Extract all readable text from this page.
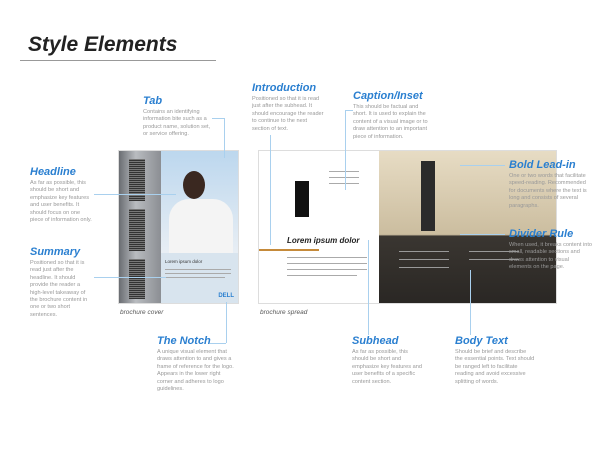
Style Elements
Lorem ipsum dolor
DELL
brochure cover
Lorem ipsum dolor
brochure spread
Tab
Contains an identifying information bite such as a product name, solution set, or service offering.
Headline
As far as possible, this should be short and emphasize key features and user benefits. It should focus on one piece of information only.
Summary
Positioned so that it is read just after the headline. It should provide the reader a high-level takeaway of the brochure content in one or two short sentences.
Introduction
Positioned so that it is read just after the subhead. It should encourage the reader to continue to the next section of text.
Caption/Inset
This should be factual and short. It is used to explain the content of a visual image or to draw attention to an important piece of information.
Bold Lead-in
One or two words that facilitate speed-reading. Recommended for documents where the text is long and consists of several paragraphs.
Divider Rule
When used, it breaks content into small, readable sections and draws attention to visual elements on the page.
The Notch
A unique visual element that draws attention to and gives a frame of reference for the logo. Appears in the lower right corner and adheres to logo guidelines.
Subhead
As far as possible, this should be short and emphasize key features and user benefits of a specific content section.
Body Text
Should be brief and describe the essential points. Text should be ranged left to facilitate reading and avoid excessive splitting of words.
